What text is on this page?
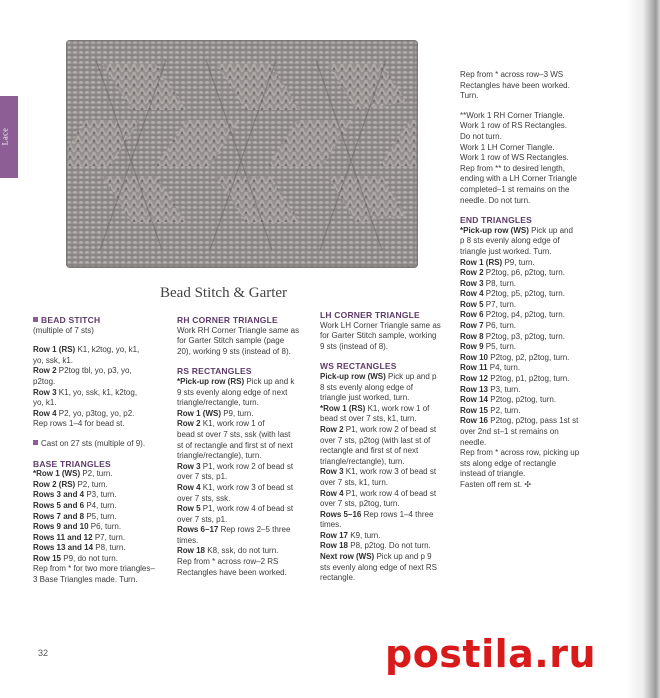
Lace
Bead Stitch & Garter

BEAD STITCH

(multiple of 7 sts)

Row 1 (RS) K1, k2tog, yo, k1,

yo, ssk, k1.

Row 2 P2tog tbl, yo, p3, yo,

p2tog.

Row 3 K1, yo, ssk, k1, k2tog,

yo, k1.

Row 4 P2, yo, p3tog, yo, p2.

Rep rows 1–4 for bead st.

Cast on 27 sts (multiple of 9).

BASE TRIANGLES

*Row 1 (WS) P2, turn.

Row 2 (RS) P2, turn.

Rows 3 and 4 P3, turn.

Rows 5 and 6 P4, turn.

Rows 7 and 8 P5, turn.

Rows 9 and 10 P6, turn.

Rows 11 and 12 P7, turn.

Rows 13 and 14 P8, turn.

Row 15 P9, do not turn.

Rep from * for two more triangles–

3 Base Triangles made. Turn.

RH CORNER TRIANGLE

Work RH Corner Triangle same as

for Garter Stitch sample (page

20), working 9 sts (instead of 8).

RS RECTANGLES

*Pick-up row (RS) Pick up and k

9 sts evenly along edge of next

triangle/rectangle, turn.

Row 1 (WS) P9, turn.

Row 2 K1, work row 1 of

bead st over 7 sts, ssk (with last

st of rectangle and first st of next

triangle/rectangle), turn.

Row 3 P1, work row 2 of bead st

over 7 sts, p1.

Row 4 K1, work row 3 of bead st

over 7 sts, ssk.

Row 5 P1, work row 4 of bead st

over 7 sts, p1.

Rows 6–17 Rep rows 2–5 three

times.

Row 18 K8, ssk, do not turn.

Rep from * across row–2 RS

Rectangles have been worked.

LH CORNER TRIANGLE

Work LH Corner Triangle same as

for Garter Stitch sample, working

9 sts (instead of 8).

WS RECTANGLES

Pick-up row (WS) Pick up and p

8 sts evenly along edge of

triangle just worked, turn.

*Row 1 (RS) K1, work row 1 of

bead st over 7 sts, k1, turn.

Row 2 P1, work row 2 of bead st

over 7 sts, p2tog (with last st of

rectangle and first st of next

triangle/rectangle), turn.

Row 3 K1, work row 3 of bead st

over 7 sts, k1, turn.

Row 4 P1, work row 4 of bead st

over 7 sts, p2tog, turn.

Rows 5–16 Rep rows 1–4 three

times.

Row 17 K9, turn.

Row 18 P8, p2tog. Do not turn.

Next row (WS) Pick up and p 9

sts evenly along edge of next RS

rectangle.

Rep from * across row–3 WS

Rectangles have been worked.

Turn.

**Work 1 RH Corner Triangle.

Work 1 row of RS Rectangles.

Do not turn.

Work 1 LH Corner Tiangle.

Work 1 row of WS Rectangles.

Rep from ** to desired length,

ending with a LH Corner Triangle

completed–1 st remains on the

needle. Do not turn.

END TRIANGLES

*Pick-up row (WS) Pick up and

p 8 sts evenly along edge of

triangle just worked. Turn.

Row 1 (RS) P9, turn.

Row 2 P2tog, p6, p2tog, turn.

Row 3 P8, turn.

Row 4 P2tog, p5, p2tog, turn.

Row 5 P7, turn.

Row 6 P2tog, p4, p2tog, turn.

Row 7 P6, turn.

Row 8 P2tog, p3, p2tog, turn.

Row 9 P5, turn.

Row 10 P2tog, p2, p2tog, turn.

Row 11 P4, turn.

Row 12 P2tog, p1, p2tog, turn.

Row 13 P3, turn.

Row 14 P2tog, p2tog, turn.

Row 15 P2, turn.

Row 16 P2tog, p2tog, pass 1st st

over 2nd st–1 st remains on

needle.

Rep from * across row, picking up

sts along edge of rectangle

instead of triangle.

Fasten off rem st. ✣

32	postila.ru
